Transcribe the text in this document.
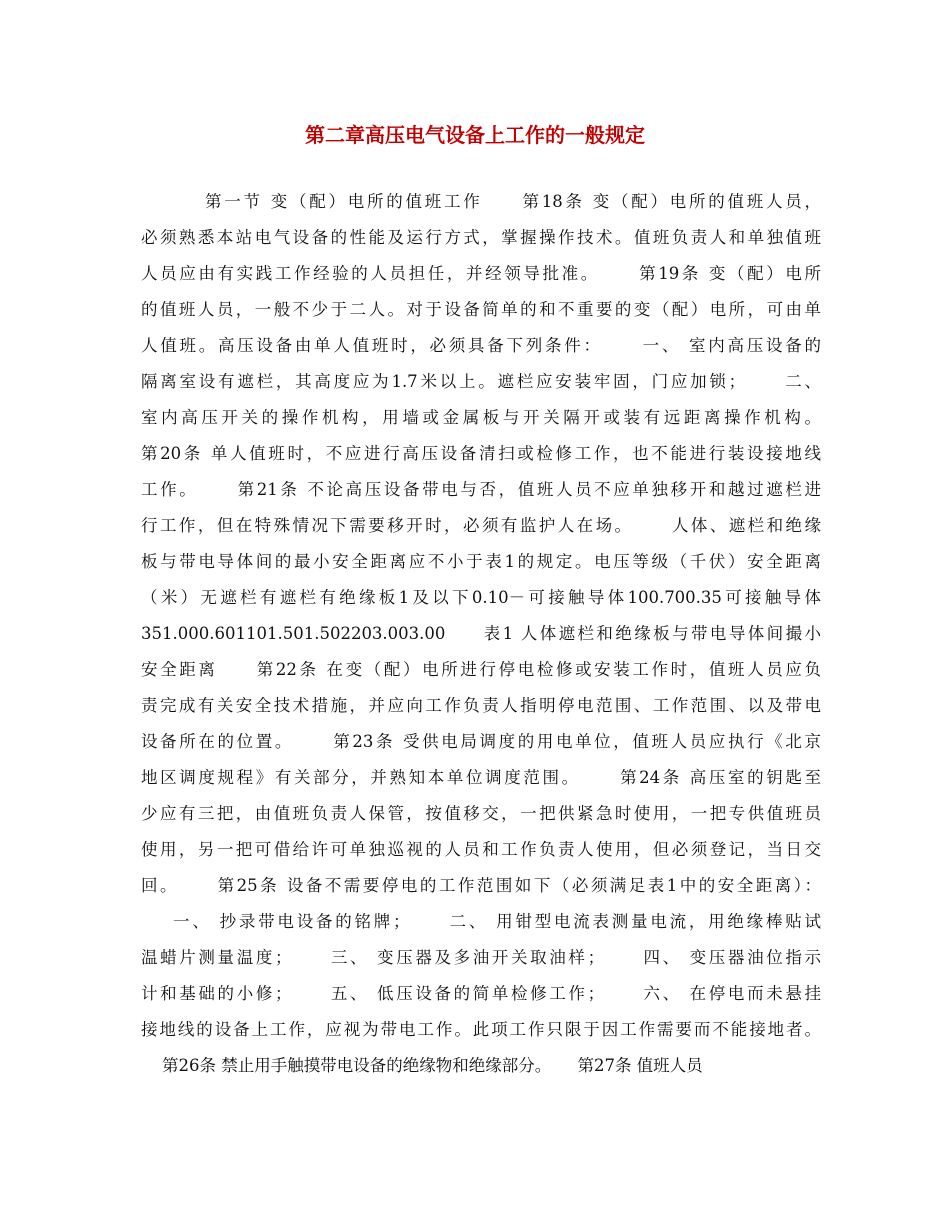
第二章高压电气设备上工作的一般规定
第一节 变（配）电所的值班工作     第18条 变（配）电所的值班人员，
必须熟悉本站电气设备的性能及运行方式，掌握操作技术。值班负责人和单独值班
人员应由有实践工作经验的人员担任，并经领导批准。     第19条 变（配）电所
的值班人员，一般不少于二人。对于设备简单的和不重要的变（配）电所，可由单
人值班。高压设备由单人值班时，必须具备下列条件：     一、 室内高压设备的
隔离室设有遮栏，其高度应为1.7米以上。遮栏应安装牢固，门应加锁；     二、
室内高压开关的操作机构，用墙或金属板与开关隔开或装有远距离操作机构。
第20条 单人值班时，不应进行高压设备清扫或检修工作，也不能进行装设接地线
工作。     第21条 不论高压设备带电与否，值班人员不应单独移开和越过遮栏进
行工作，但在特殊情况下需要移开时，必须有监护人在场。     人体、遮栏和绝缘
板与带电导体间的最小安全距离应不小于表1的规定。电压等级（千伏）安全距离
（米）无遮栏有遮栏有绝缘板1及以下0.10－可接触导体100.700.35可接触导体
351.000.601101.501.502203.003.00     表1 人体遮栏和绝缘板与带电导体间撮小
安全距离     第22条 在变（配）电所进行停电检修或安装工作时，值班人员应负
责完成有关安全技术措施，并应向工作负责人指明停电范围、工作范围、以及带电
设备所在的位置。     第23条 受供电局调度的用电单位，值班人员应执行《北京
地区调度规程》有关部分，并熟知本单位调度范围。     第24条 高压室的钥匙至
少应有三把，由值班负责人保管，按值移交，一把供紧急时使用，一把专供值班员
使用，另一把可借给许可单独巡视的人员和工作负责人使用，但必须登记，当日交
回。     第25条 设备不需要停电的工作范围如下（必须满足表1中的安全距离）：
一、 抄录带电设备的铭牌；     二、 用钳型电流表测量电流，用绝缘棒贴试
温蜡片测量温度；     三、 变压器及多油开关取油样；     四、 变压器油位指示
计和基础的小修；     五、 低压设备的简单检修工作；     六、 在停电而未悬挂
接地线的设备上工作，应视为带电工作。此项工作只限于因工作需要而不能接地者。
第26条 禁止用手触摸带电设备的绝缘物和绝缘部分。     第27条 值班人员
